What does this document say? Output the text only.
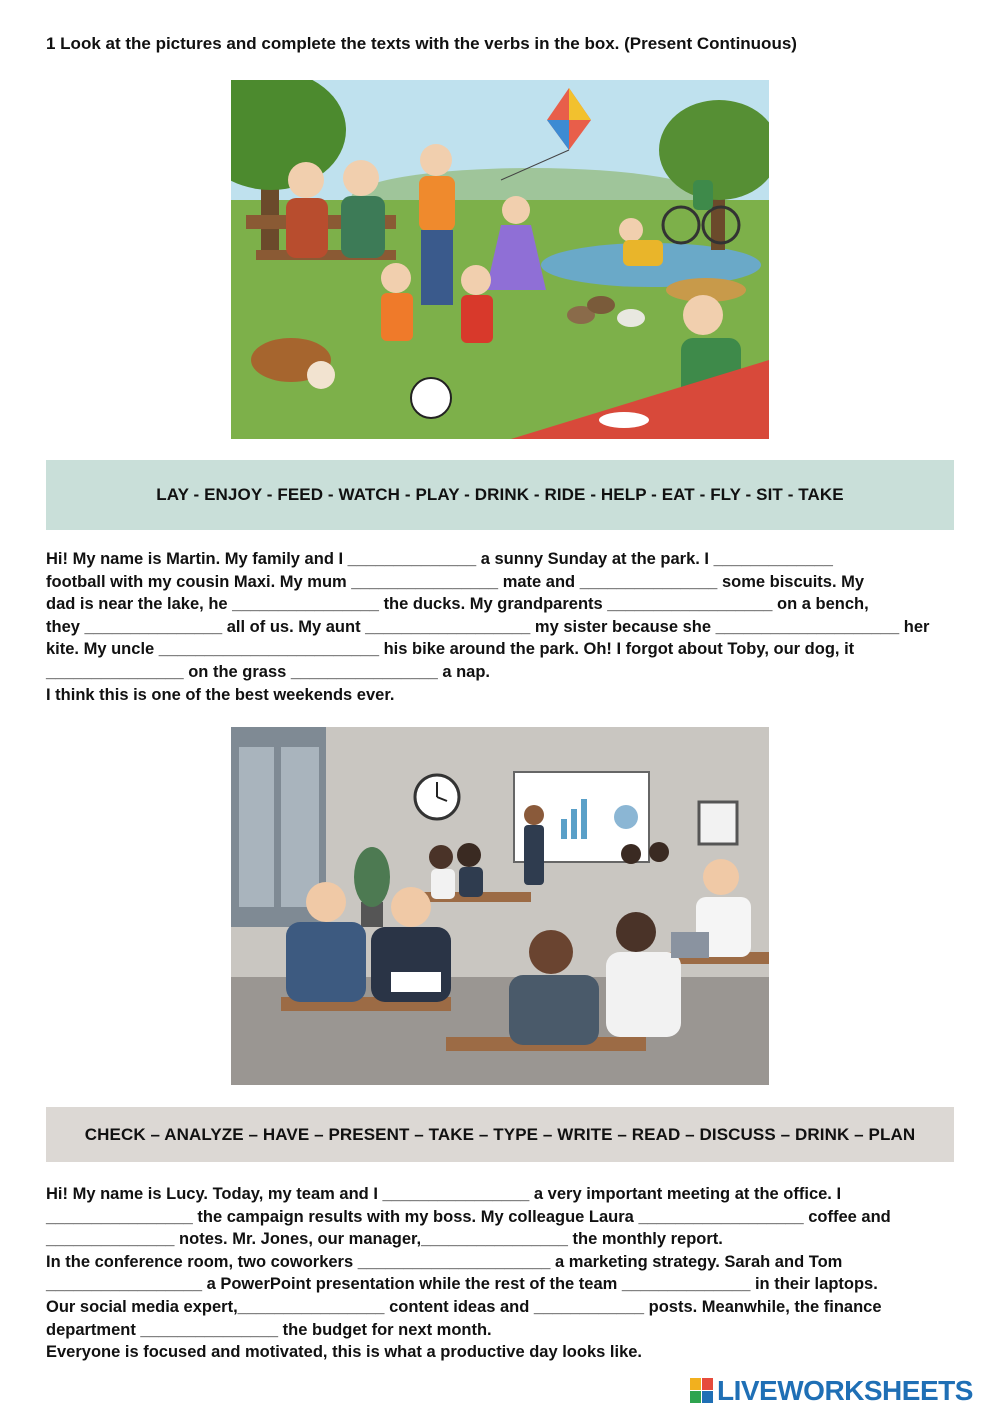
1 Look at the pictures and complete the texts with the verbs in the box. (Present Continuous)
LAY - ENJOY - FEED - WATCH - PLAY - DRINK - RIDE - HELP - EAT - FLY - SIT - TAKE
Hi! My name is Martin. My family and I ______________ a sunny Sunday at the park. I _____________
football with my cousin Maxi. My mum ________________ mate and _______________ some biscuits. My
dad is near the lake, he ________________ the ducks. My grandparents __________________ on a bench,
they _______________ all of us. My aunt __________________ my sister because she ____________________ her
kite. My uncle ________________________ his bike around the park. Oh! I forgot about Toby, our dog, it
_______________ on the grass ________________ a nap.
I think this is one of the best weekends ever.
CHECK – ANALYZE – HAVE – PRESENT – TAKE – TYPE – WRITE – READ – DISCUSS – DRINK – PLAN
Hi! My name is Lucy. Today, my team and I ________________ a very important meeting at the office. I
________________ the campaign results with my boss. My colleague Laura __________________ coffee and
______________ notes. Mr. Jones, our manager,________________ the monthly report.
In the conference room, two coworkers _____________________ a marketing strategy. Sarah and Tom
_________________ a PowerPoint presentation while the rest of the team ______________ in their laptops.
Our social media expert,________________ content ideas and ____________ posts. Meanwhile, the finance
department _______________ the budget for next month.
Everyone is focused and motivated, this is what a productive day looks like.
LIVEWORKSHEETS
